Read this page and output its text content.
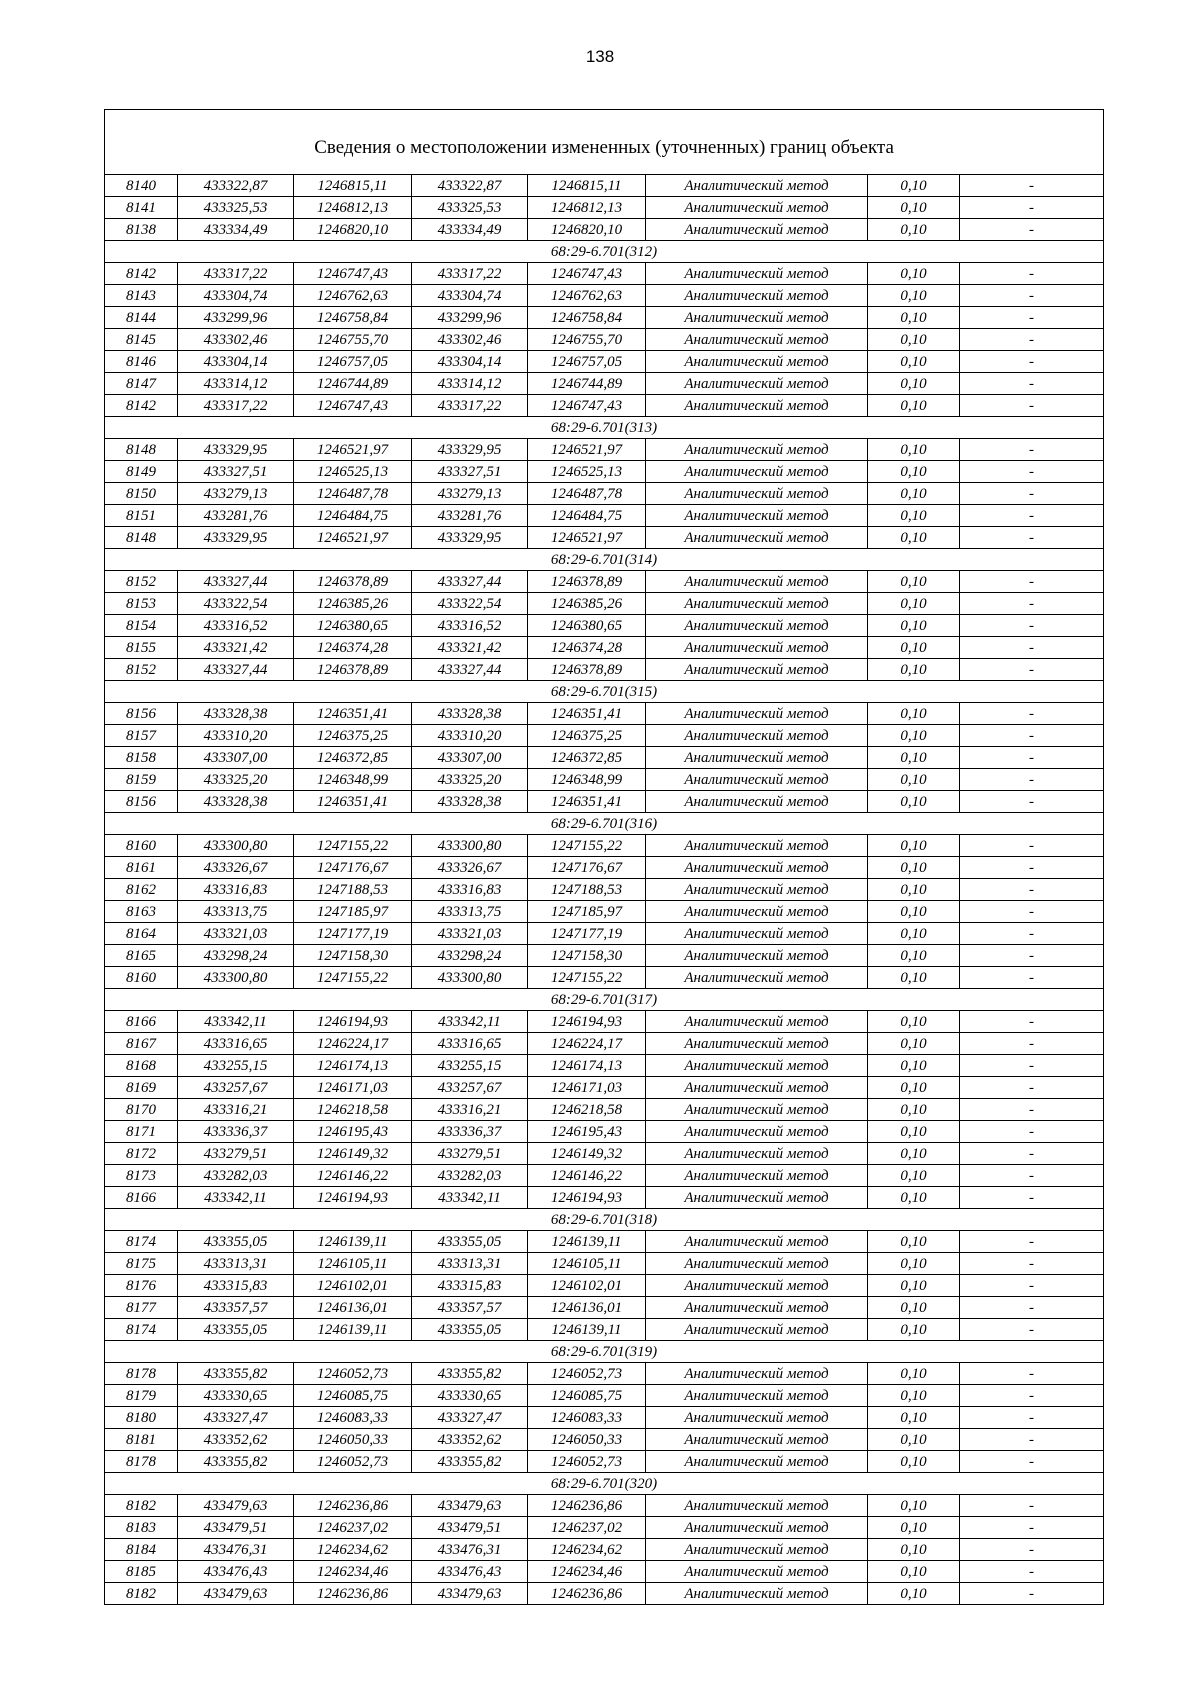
138
Сведения о местоположении измененных (уточненных) границ объекта							
8140	433322,87	1246815,11	433322,87	1246815,11	Аналитический метод	0,10	-
8141	433325,53	1246812,13	433325,53	1246812,13	Аналитический метод	0,10	-
8138	433334,49	1246820,10	433334,49	1246820,10	Аналитический метод	0,10	-
68:29-6.701(312)							
8142	433317,22	1246747,43	433317,22	1246747,43	Аналитический метод	0,10	-
8143	433304,74	1246762,63	433304,74	1246762,63	Аналитический метод	0,10	-
8144	433299,96	1246758,84	433299,96	1246758,84	Аналитический метод	0,10	-
8145	433302,46	1246755,70	433302,46	1246755,70	Аналитический метод	0,10	-
8146	433304,14	1246757,05	433304,14	1246757,05	Аналитический метод	0,10	-
8147	433314,12	1246744,89	433314,12	1246744,89	Аналитический метод	0,10	-
8142	433317,22	1246747,43	433317,22	1246747,43	Аналитический метод	0,10	-
68:29-6.701(313)							
8148	433329,95	1246521,97	433329,95	1246521,97	Аналитический метод	0,10	-
8149	433327,51	1246525,13	433327,51	1246525,13	Аналитический метод	0,10	-
8150	433279,13	1246487,78	433279,13	1246487,78	Аналитический метод	0,10	-
8151	433281,76	1246484,75	433281,76	1246484,75	Аналитический метод	0,10	-
8148	433329,95	1246521,97	433329,95	1246521,97	Аналитический метод	0,10	-
68:29-6.701(314)							
8152	433327,44	1246378,89	433327,44	1246378,89	Аналитический метод	0,10	-
8153	433322,54	1246385,26	433322,54	1246385,26	Аналитический метод	0,10	-
8154	433316,52	1246380,65	433316,52	1246380,65	Аналитический метод	0,10	-
8155	433321,42	1246374,28	433321,42	1246374,28	Аналитический метод	0,10	-
8152	433327,44	1246378,89	433327,44	1246378,89	Аналитический метод	0,10	-
68:29-6.701(315)							
8156	433328,38	1246351,41	433328,38	1246351,41	Аналитический метод	0,10	-
8157	433310,20	1246375,25	433310,20	1246375,25	Аналитический метод	0,10	-
8158	433307,00	1246372,85	433307,00	1246372,85	Аналитический метод	0,10	-
8159	433325,20	1246348,99	433325,20	1246348,99	Аналитический метод	0,10	-
8156	433328,38	1246351,41	433328,38	1246351,41	Аналитический метод	0,10	-
68:29-6.701(316)							
8160	433300,80	1247155,22	433300,80	1247155,22	Аналитический метод	0,10	-
8161	433326,67	1247176,67	433326,67	1247176,67	Аналитический метод	0,10	-
8162	433316,83	1247188,53	433316,83	1247188,53	Аналитический метод	0,10	-
8163	433313,75	1247185,97	433313,75	1247185,97	Аналитический метод	0,10	-
8164	433321,03	1247177,19	433321,03	1247177,19	Аналитический метод	0,10	-
8165	433298,24	1247158,30	433298,24	1247158,30	Аналитический метод	0,10	-
8160	433300,80	1247155,22	433300,80	1247155,22	Аналитический метод	0,10	-
68:29-6.701(317)							
8166	433342,11	1246194,93	433342,11	1246194,93	Аналитический метод	0,10	-
8167	433316,65	1246224,17	433316,65	1246224,17	Аналитический метод	0,10	-
8168	433255,15	1246174,13	433255,15	1246174,13	Аналитический метод	0,10	-
8169	433257,67	1246171,03	433257,67	1246171,03	Аналитический метод	0,10	-
8170	433316,21	1246218,58	433316,21	1246218,58	Аналитический метод	0,10	-
8171	433336,37	1246195,43	433336,37	1246195,43	Аналитический метод	0,10	-
8172	433279,51	1246149,32	433279,51	1246149,32	Аналитический метод	0,10	-
8173	433282,03	1246146,22	433282,03	1246146,22	Аналитический метод	0,10	-
8166	433342,11	1246194,93	433342,11	1246194,93	Аналитический метод	0,10	-
68:29-6.701(318)							
8174	433355,05	1246139,11	433355,05	1246139,11	Аналитический метод	0,10	-
8175	433313,31	1246105,11	433313,31	1246105,11	Аналитический метод	0,10	-
8176	433315,83	1246102,01	433315,83	1246102,01	Аналитический метод	0,10	-
8177	433357,57	1246136,01	433357,57	1246136,01	Аналитический метод	0,10	-
8174	433355,05	1246139,11	433355,05	1246139,11	Аналитический метод	0,10	-
68:29-6.701(319)							
8178	433355,82	1246052,73	433355,82	1246052,73	Аналитический метод	0,10	-
8179	433330,65	1246085,75	433330,65	1246085,75	Аналитический метод	0,10	-
8180	433327,47	1246083,33	433327,47	1246083,33	Аналитический метод	0,10	-
8181	433352,62	1246050,33	433352,62	1246050,33	Аналитический метод	0,10	-
8178	433355,82	1246052,73	433355,82	1246052,73	Аналитический метод	0,10	-
68:29-6.701(320)							
8182	433479,63	1246236,86	433479,63	1246236,86	Аналитический метод	0,10	-
8183	433479,51	1246237,02	433479,51	1246237,02	Аналитический метод	0,10	-
8184	433476,31	1246234,62	433476,31	1246234,62	Аналитический метод	0,10	-
8185	433476,43	1246234,46	433476,43	1246234,46	Аналитический метод	0,10	-
8182	433479,63	1246236,86	433479,63	1246236,86	Аналитический метод	0,10	-
